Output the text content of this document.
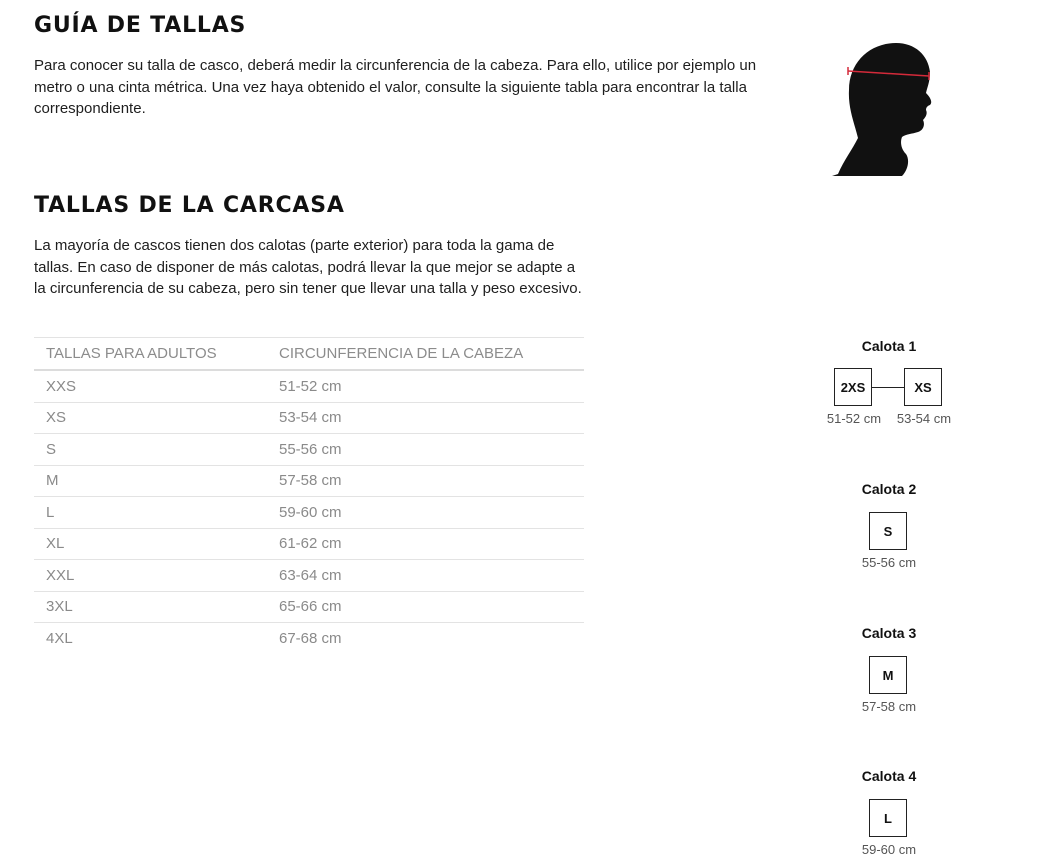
GUÍA DE TALLAS

Para conocer su talla de casco, deberá medir la circunferencia de la cabeza. Para ello, utilice por ejemplo un metro o una cinta métrica. Una vez haya obtenido el valor, consulte la siguiente tabla para encontrar la talla correspondiente.

TALLAS DE LA CARCASA

La mayoría de cascos tienen dos calotas (parte exterior) para toda la gama de tallas. En caso de disponer de más calotas, podrá llevar la que mejor se adapte a la circunferencia de su cabeza, pero sin tener que llevar una talla y peso excesivo.

TALLAS PARA ADULTOS	CIRCUNFERENCIA DE LA CABEZA
XXS	51-52 cm
XS	53-54 cm
S	55-56 cm
M	57-58 cm
L	59-60 cm
XL	61-62 cm
XXL	63-64 cm
3XL	65-66 cm
4XL	67-68 cm
Calota 1
2XS	XS
51-52 cm	53-54 cm
Calota 2
S
55-56 cm
Calota 3
M
57-58 cm
Calota 4
L
59-60 cm
